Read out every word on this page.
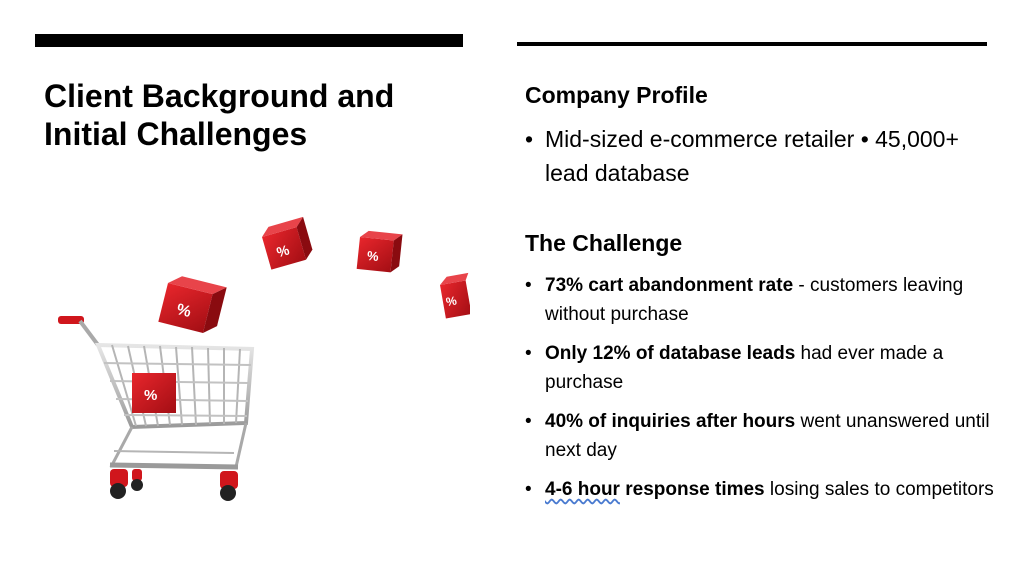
Client Background and Initial Challenges
%
%	%
%
%
Company Profile
• Mid-sized e-commerce retailer • 45,000+ lead database
The Challenge
• 73% cart abandonment rate - customers leaving without purchase
• Only 12% of database leads had ever made a purchase
• 40% of inquiries after hours went unanswered until next day
• 4-6 hour response times losing sales to competitors
